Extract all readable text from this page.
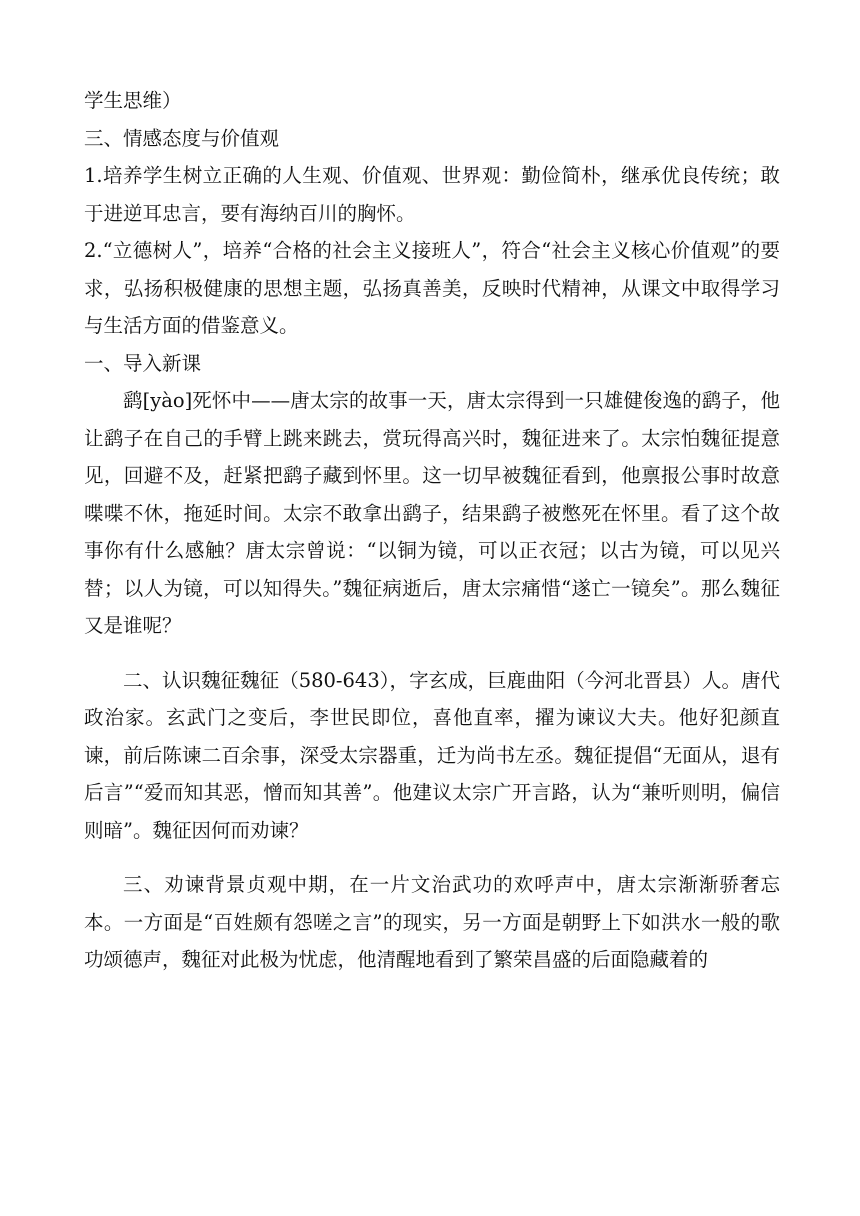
学生思维）
三、情感态度与价值观

1.培养学生树立正确的人生观、价值观、世界观：勤俭简朴，继承优良传统；敢于进逆耳忠言，要有海纳百川的胸怀。

2.“立德树人”，培养“合格的社会主义接班人”，符合“社会主义核心价值观”的要求，弘扬积极健康的思想主题，弘扬真善美，反映时代精神，从课文中取得学习与生活方面的借鉴意义。

一、导入新课

鹞[yào]死怀中——唐太宗的故事一天，唐太宗得到一只雄健俊逸的鹞子，他让鹞子在自己的手臂上跳来跳去，赏玩得高兴时，魏征进来了。太宗怕魏征提意见，回避不及，赶紧把鹞子藏到怀里。这一切早被魏征看到，他禀报公事时故意喋喋不休，拖延时间。太宗不敢拿出鹞子，结果鹞子被憋死在怀里。看了这个故事你有什么感触？唐太宗曾说：“以铜为镜，可以正衣冠；以古为镜，可以见兴替；以人为镜，可以知得失。”魏征病逝后，唐太宗痛惜“遂亡一镜矣”。那么魏征又是谁呢？

二、认识魏征魏征（580-643），字玄成，巨鹿曲阳（今河北晋县）人。唐代政治家。玄武门之变后，李世民即位，喜他直率，擢为谏议大夫。他好犯颜直谏，前后陈谏二百余事，深受太宗器重，迁为尚书左丞。魏征提倡“无面从，退有后言”“爱而知其恶，憎而知其善”。他建议太宗广开言路，认为“兼听则明，偏信则暗”。魏征因何而劝谏？

三、劝谏背景贞观中期，在一片文治武功的欢呼声中，唐太宗渐渐骄奢忘本。一方面是“百姓颇有怨嗟之言”的现实，另一方面是朝野上下如洪水一般的歌功颂德声，魏征对此极为忧虑，他清醒地看到了繁荣昌盛的后面隐藏着的
